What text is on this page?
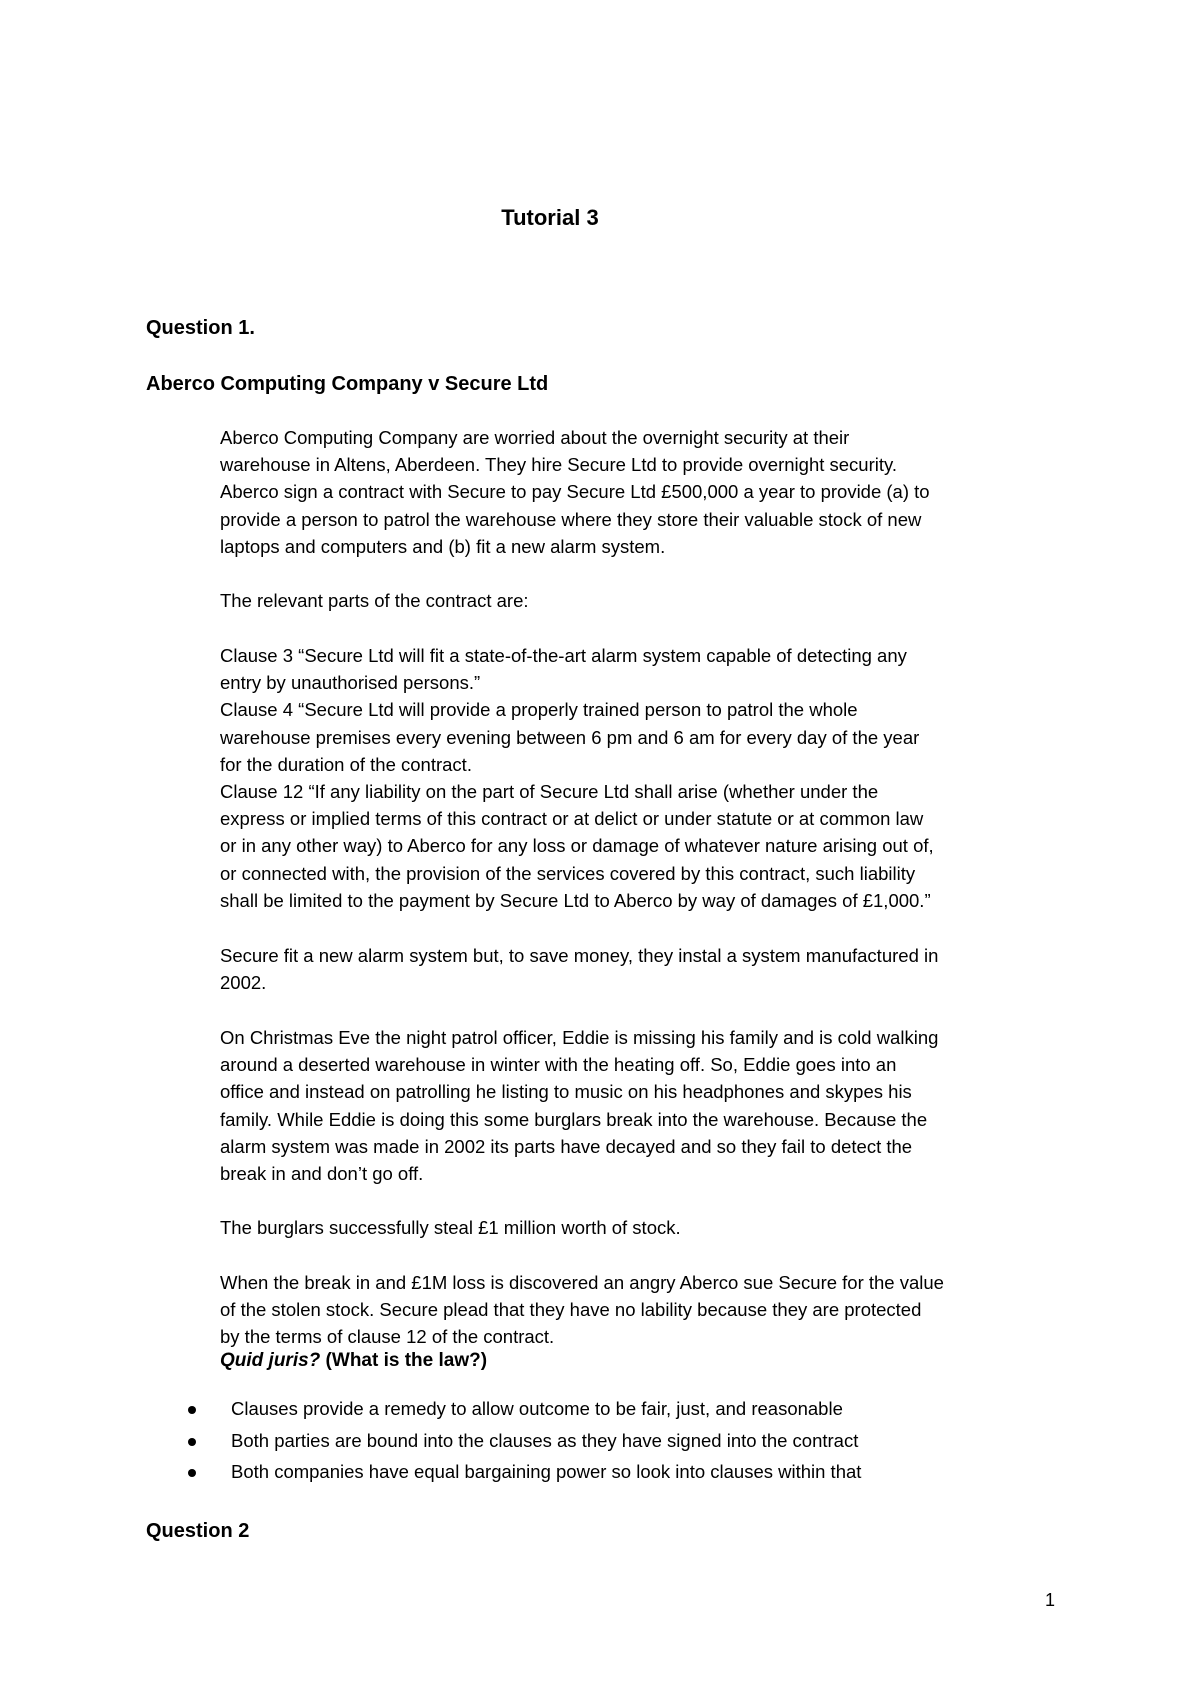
Tutorial 3
Question 1.
Aberco Computing Company v Secure Ltd

Aberco Computing Company are worried about the overnight security at their

warehouse in Altens, Aberdeen. They hire Secure Ltd to provide overnight security.

Aberco sign a contract with Secure to pay Secure Ltd £500,000 a year to provide (a) to

provide a person to patrol the warehouse where they store their valuable stock of new

laptops and computers and (b) fit a new alarm system.

The relevant parts of the contract are:

Clause 3 “Secure Ltd will fit a state-of-the-art alarm system capable of detecting any

entry by unauthorised persons.”

Clause 4 “Secure Ltd will provide a properly trained person to patrol the whole

warehouse premises every evening between 6 pm and 6 am for every day of the year

for the duration of the contract.

Clause 12 “If any liability on the part of Secure Ltd shall arise (whether under the

express or implied terms of this contract or at delict or under statute or at common law

or in any other way) to Aberco for any loss or damage of whatever nature arising out of,

or connected with, the provision of the services covered by this contract, such liability

shall be limited to the payment by Secure Ltd to Aberco by way of damages of £1,000.”

Secure fit a new alarm system but, to save money, they instal a system manufactured in

2002.

On Christmas Eve the night patrol officer, Eddie is missing his family and is cold walking

around a deserted warehouse in winter with the heating off. So, Eddie goes into an

office and instead on patrolling he listing to music on his headphones and skypes his

family. While Eddie is doing this some burglars break into the warehouse. Because the

alarm system was made in 2002 its parts have decayed and so they fail to detect the

break in and don’t go off.

The burglars successfully steal £1 million worth of stock.

When the break in and £1M loss is discovered an angry Aberco sue Secure for the value

of the stolen stock. Secure plead that they have no lability because they are protected

by the terms of clause 12 of the contract.

Quid juris? (What is the law?)
Clauses provide a remedy to allow outcome to be fair, just, and reasonable
Both parties are bound into the clauses as they have signed into the contract
Both companies have equal bargaining power so look into clauses within that
Question 2
1
